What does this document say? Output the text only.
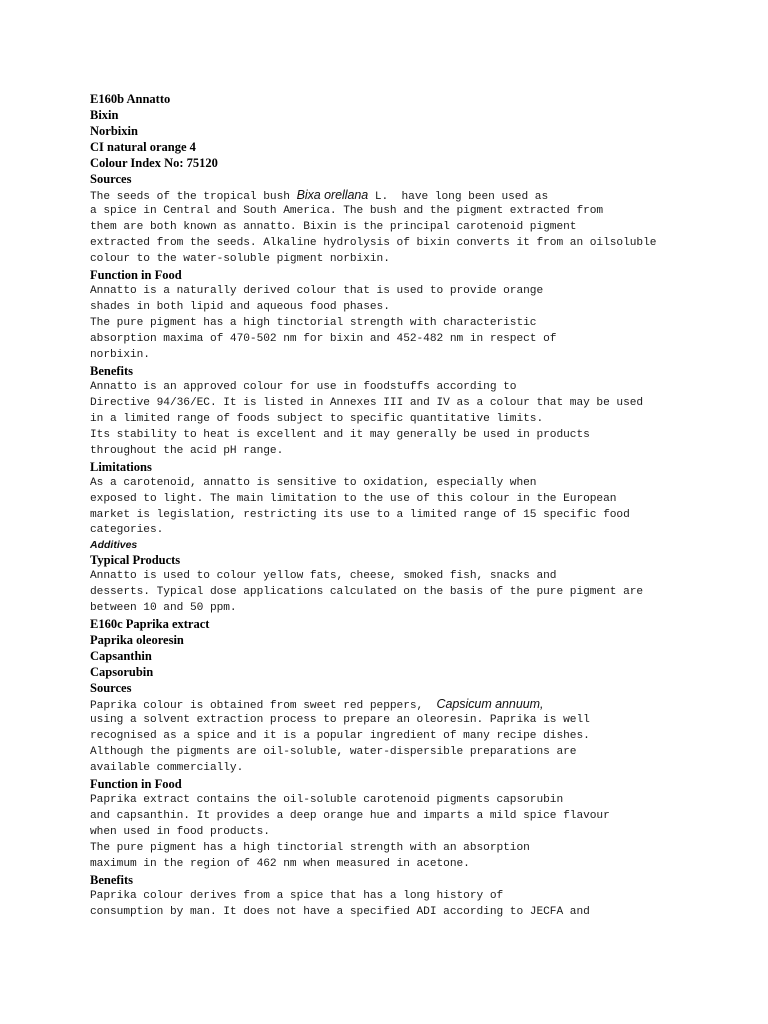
E160b Annatto
Bixin
Norbixin
CI natural orange 4
Colour Index No: 75120
Sources
The seeds of the tropical bush Bixa orellana L.  have long been used as
a spice in Central and South America. The bush and the pigment extracted from
them are both known as annatto. Bixin is the principal carotenoid pigment
extracted from the seeds. Alkaline hydrolysis of bixin converts it from an oilsoluble
colour to the water-soluble pigment norbixin.
Function in Food
Annatto is a naturally derived colour that is used to provide orange
shades in both lipid and aqueous food phases.
The pure pigment has a high tinctorial strength with characteristic
absorption maxima of 470-502 nm for bixin and 452-482 nm in respect of
norbixin.
Benefits
Annatto is an approved colour for use in foodstuffs according to
Directive 94/36/EC. It is listed in Annexes III and IV as a colour that may be used
in a limited range of foods subject to specific quantitative limits.
Its stability to heat is excellent and it may generally be used in products
throughout the acid pH range.
Limitations
As a carotenoid, annatto is sensitive to oxidation, especially when
exposed to light. The main limitation to the use of this colour in the European
market is legislation, restricting its use to a limited range of 15 specific food
categories.
Additives
Typical Products
Annatto is used to colour yellow fats, cheese, smoked fish, snacks and
desserts. Typical dose applications calculated on the basis of the pure pigment are
between 10 and 50 ppm.
E160c Paprika extract
Paprika oleoresin
Capsanthin
Capsorubin
Sources
Paprika colour is obtained from sweet red peppers,  Capsicum annuum,
using a solvent extraction process to prepare an oleoresin. Paprika is well
recognised as a spice and it is a popular ingredient of many recipe dishes.
Although the pigments are oil-soluble, water-dispersible preparations are
available commercially.
Function in Food
Paprika extract contains the oil-soluble carotenoid pigments capsorubin
and capsanthin. It provides a deep orange hue and imparts a mild spice flavour
when used in food products.
The pure pigment has a high tinctorial strength with an absorption
maximum in the region of 462 nm when measured in acetone.
Benefits
Paprika colour derives from a spice that has a long history of
consumption by man. It does not have a specified ADI according to JECFA and
